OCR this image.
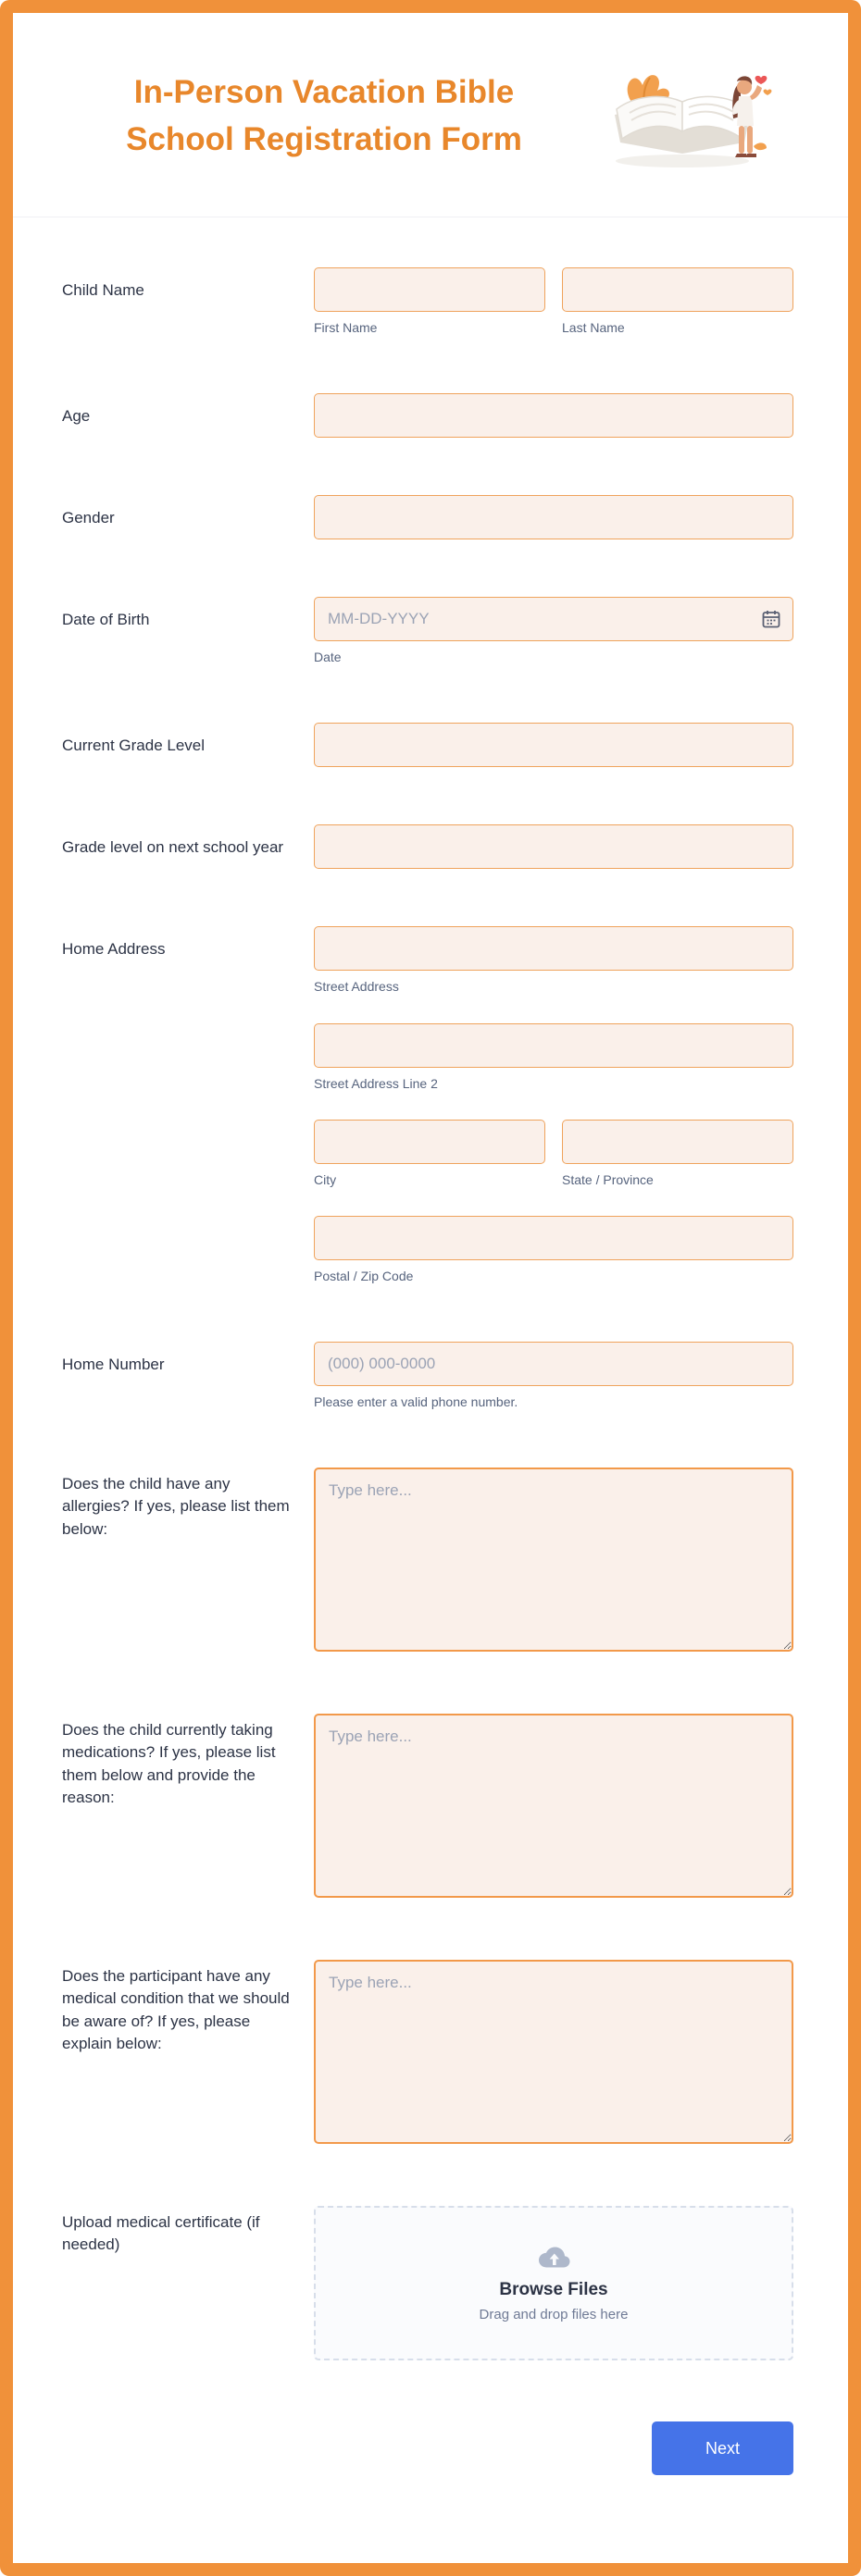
In-Person Vacation Bible School Registration Form
Child Name
First Name	Last Name
Age
Gender
Date of Birth
MM-DD-YYYY
Date
Current Grade Level
Grade level on next school year
Home Address
Street Address
Street Address Line 2
City	State / Province
Postal / Zip Code
Home Number
(000) 000-0000
Please enter a valid phone number.
Does the child have any allergies? If yes, please list them below:
Type here...
Does the child currently taking medications? If yes, please list them below and provide the reason:
Type here...
Does the participant have any medical condition that we should be aware of? If yes, please explain below:
Type here...
Upload medical certificate (if needed)
Browse Files
Drag and drop files here
Next
